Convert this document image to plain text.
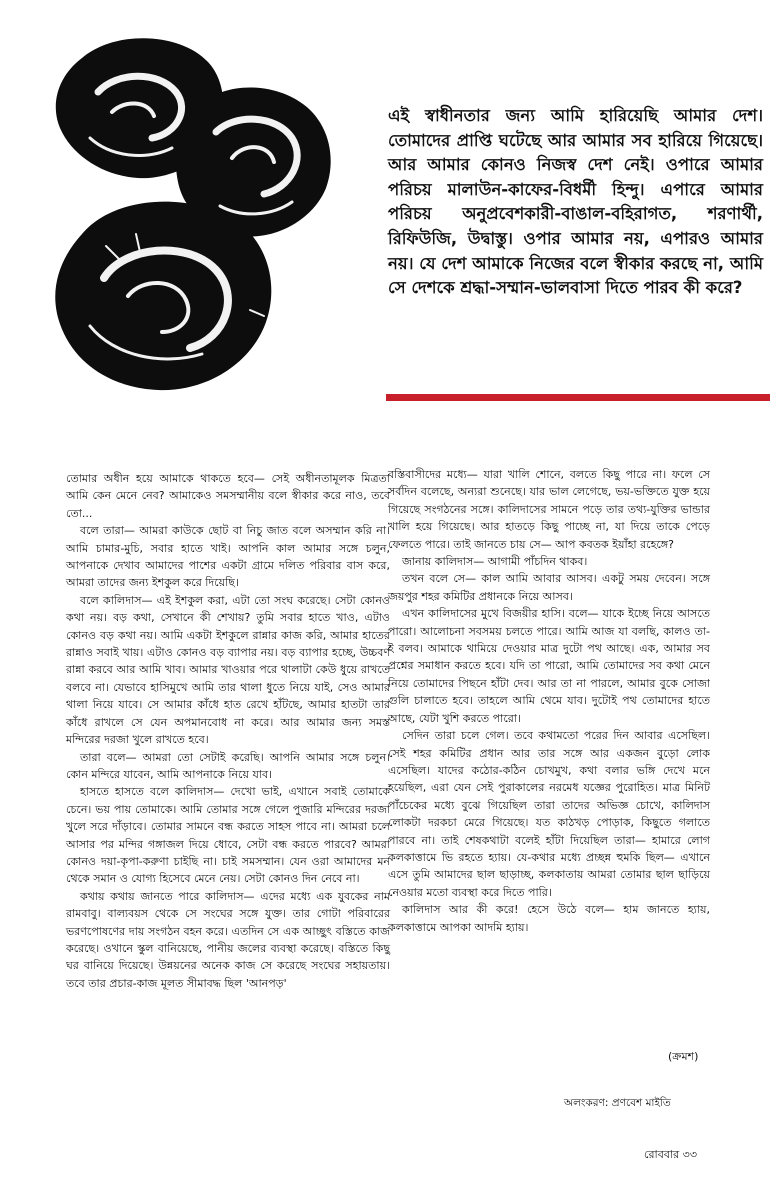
এই স্বাধীনতার জন্য আমি হারিয়েছি আমার দেশ। তোমাদের প্রাপ্তি ঘটেছে আর আমার সব হারিয়ে গিয়েছে। আর আমার কোনও নিজস্ব দেশ নেই। ওপারে আমার পরিচয় মালাউন-কাফের-বিধর্মী হিন্দু। এপারে আমার পরিচয় অনুপ্রবেশকারী-বাঙাল-বহিরাগত, শরণার্থী, রিফিউজি, উদ্বাস্তু। ওপার আমার নয়, এপারও আমার নয়। যে দেশ আমাকে নিজের বলে স্বীকার করছে না, আমি সে দেশকে শ্রদ্ধা-সম্মান-ভালবাসা দিতে পারব কী করে?

তোমার অধীন হয়ে আমাকে থাকতে হবে— সেই অধীনতামূলক মিত্রতা আমি কেন মেনে নেব? আমাকেও সমসম্মানীয় বলে স্বীকার করে নাও, তবে তো...

বলে তারা— আমরা কাউকে ছোট বা নিচু জাত বলে অসম্মান করি না। আমি চামার-মুচি, সবার হাতে খাই। আপনি কাল আমার সঙ্গে চলুন, আপনাকে দেখাব আমাদের পাশের একটা গ্রামে দলিত পরিবার বাস করে, আমরা তাদের জন্য ইশকুল করে দিয়েছি।

বলে কালিদাস— এই ইশকুল করা, এটা তো সংঘ করেছে। সেটা কোনও কথা নয়। বড় কথা, সেখানে কী শেখায়? তুমি সবার হাতে খাও, এটাও কোনও বড় কথা নয়। আমি একটা ইশকুলে রান্নার কাজ করি, আমার হাতের রান্নাও সবাই খায়। এটাও কোনও বড় ব্যাপার নয়। বড় ব্যাপার হচ্ছে, উচ্চবর্ণ রান্না করবে আর আমি খাব। আমার খাওয়ার পরে থালাটা কেউ ধুয়ে রাখতে বলবে না। যেভাবে হাসিমুখে আমি তার থালা ধুতে নিয়ে যাই, সেও আমার থালা নিয়ে যাবে। সে আমার কাঁধে হাত রেখে হাঁটছে, আমার হাতটা তার কাঁধে রাখলে সে যেন অপমানবোধ না করে। আর আমার জন্য সমস্ত মন্দিরের দরজা খুলে রাখতে হবে।

তারা বলে— আমরা তো সেটাই করেছি। আপনি আমার সঙ্গে চলুন। কোন মন্দিরে যাবেন, আমি আপনাকে নিয়ে যাব।

হাসতে হাসতে বলে কালিদাস— দেখো ভাই, এখানে সবাই তোমাকে চেনে। ভয় পায় তোমাকে। আমি তোমার সঙ্গে গেলে পুজারি মন্দিরের দরজা খুলে সরে দাঁড়াবে। তোমার সামনে বন্ধ করতে সাহস পাবে না। আমরা চলে আসার পর মন্দির গঙ্গাজল দিয়ে ধোবে, সেটা বন্ধ করতে পারবে? আমরা কোনও দয়া-কৃপা-করুণা চাইছি না। চাই সমসম্মান। যেন ওরা আমাদের মন থেকে সমান ও যোগ্য হিসেবে মেনে নেয়। সেটা কোনও দিন নেবে না।

কথায় কথায় জানতে পারে কালিদাস— এদের মধ্যে এক যুবকের নাম রামবাবু। বাল্যবয়স থেকে সে সংঘের সঙ্গে যুক্ত। তার গোটা পরিবারের ভরণপোষণের দায় সংগঠন বহন করে। এতদিন সে এক আচ্ছুৎ বস্তিতে কাজ করেছে। ওখানে স্কুল বানিয়েছে, পানীয় জলের ব্যবস্থা করেছে। বস্তিতে কিছু ঘর বানিয়ে দিয়েছে। উন্নয়নের অনেক কাজ সে করেছে সংঘের সহায়তায়। তবে তার প্রচার-কাজ মূলত সীমাবদ্ধ ছিল 'আনপড়'

বস্তিবাসীদের মধ্যে— যারা খালি শোনে, বলতে কিছু পারে না। ফলে সে সর্বদিন বলেছে, অন্যরা শুনেছে। যার ভাল লেগেছে, ভয়-ভক্তিতে যুক্ত হয়ে গিয়েছে সংগঠনের সঙ্গে। কালিদাসের সামনে পড়ে তার তথ্য-যুক্তির ভান্ডার খালি হয়ে গিয়েছে। আর হাতড়ে কিছু পাচ্ছে না, যা দিয়ে তাকে পেড়ে ফেলতে পারে। তাই জানতে চায় সে— আপ কবতক ইয়াঁহা রহেঙ্গে?

জানায় কালিদাস— আগামী পাঁচদিন থাকব।

তখন বলে সে— কাল আমি আবার আসব। একটু সময় দেবেন। সঙ্গে জয়পুর শহর কমিটির প্রধানকে নিয়ে আসব।

এখন কালিদাসের মুখে বিজয়ীর হাসি। বলে— যাকে ইচ্ছে নিয়ে আসতে পারো। আলোচনা সবসময় চলতে পারে। আমি আজ যা বলছি, কালও তা-ই বলব। আমাকে থামিয়ে দেওয়ার মাত্র দুটো পথ আছে। এক, আমার সব প্রশ্নের সমাধান করতে হবে। যদি তা পারো, আমি তোমাদের সব কথা মেনে নিয়ে তোমাদের পিছনে হাঁটা দেব। আর তা না পারলে, আমার বুকে সোজা গুলি চালাতে হবে। তাহলে আমি থেমে যাব। দুটোই পথ তোমাদের হাতে আছে, যেটা খুশি করতে পারো।

সেদিন তারা চলে গেল। তবে কথামতো পরের দিন আবার এসেছিল। সেই শহর কমিটির প্রধান আর তার সঙ্গে আর একজন বুড়ো লোক এসেছিল। যাদের কঠোর-কঠিন চোখমুখ, কথা বলার ভঙ্গি দেখে মনে হয়েছিল, এরা যেন সেই পুরাকালের নরমেধ যজ্ঞের পুরোহিত। মাত্র মিনিট পাঁচেকের মধ্যে বুঝে গিয়েছিল তারা তাদের অভিজ্ঞ চোখে, কালিদাস লোকটা দরকচা মেরে গিয়েছে। যত কাঠখড় পোড়াক, কিছুতে গলাতে পারবে না। তাই শেষকথাটা বলেই হাঁটা দিয়েছিল তারা— হামারে লোগ কলকাত্তামে ভি রহতে হ্যায়। যে-কথার মধ্যে প্রচ্ছন্ন হুমকি ছিল— এখানে এসে তুমি আমাদের ছাল ছাড়াচ্ছ, কলকাতায় আমরা তোমার ছাল ছাড়িয়ে নেওয়ার মতো ব্যবস্থা করে দিতে পারি।

কালিদাস আর কী করে! হেসে উঠে বলে— হাম জানতে হ্যায়, কলকাত্তামে আপকা আদমি হ্যায়।

(ক্রমশ)
অলংকরণ: প্রণবেশ মাইতি
রোববার ৩৩
